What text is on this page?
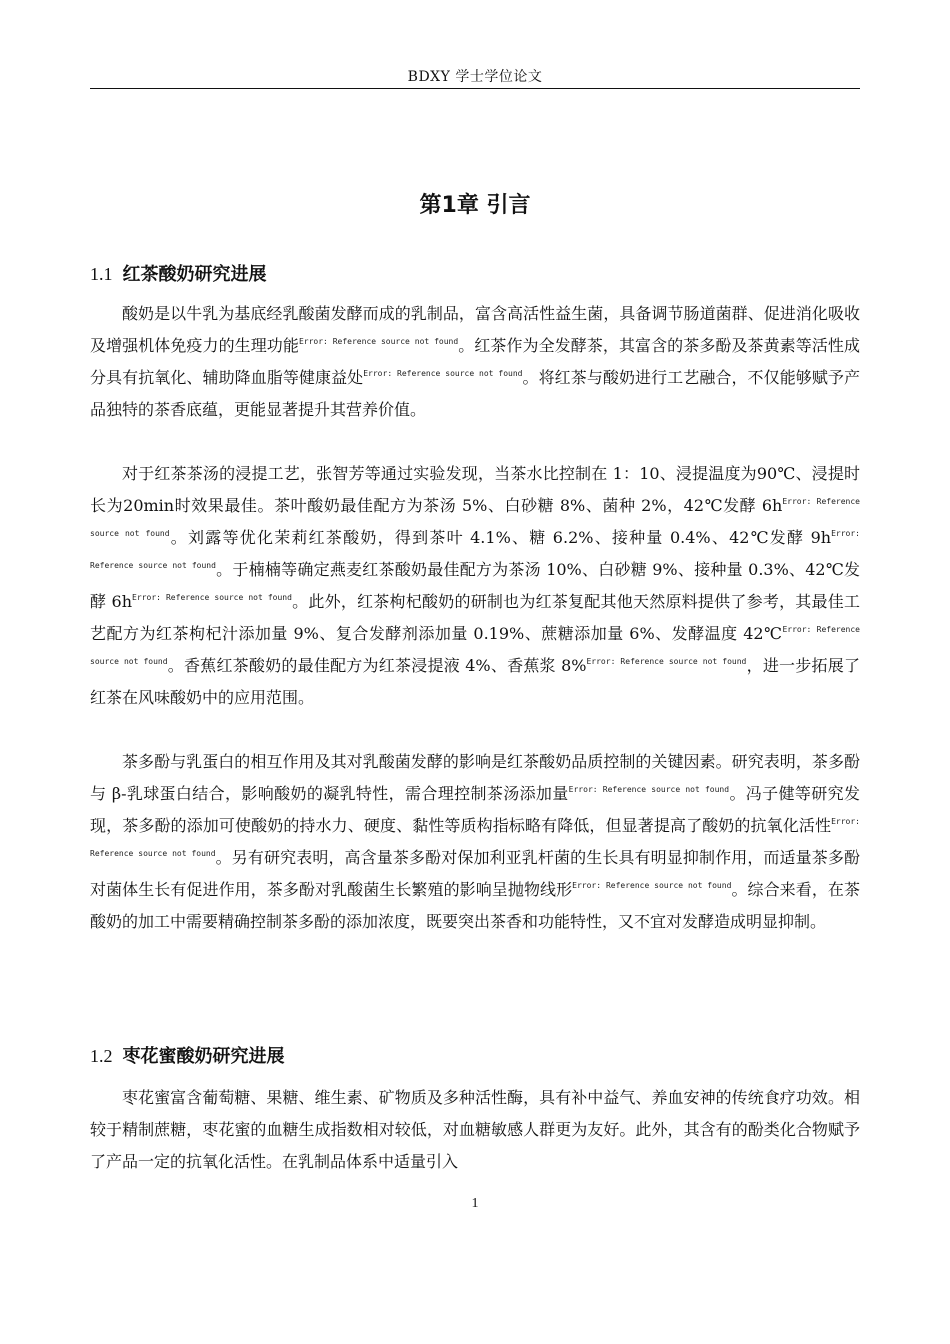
BDXY 学士学位论文
第1章 引言
1.1 红茶酸奶研究进展

酸奶是以牛乳为基底经乳酸菌发酵而成的乳制品，富含高活性益生菌，具备调节肠道菌群、促进消化吸收及增强机体免疫力的生理功能$^{Error: Reference source not found}$。红茶作为全发酵茶，其富含的茶多酚及茶黄素等活性成分具有抗氧化、辅助降血脂等健康益处$^{Error: Reference source not found}$。将红茶与酸奶进行工艺融合，不仅能够赋予产品独特的茶香底蕴，更能显著提升其营养价值。

对于红茶茶汤的浸提工艺，张智芳等通过实验发现，当茶水比控制在 1：10、浸提温度为90℃、浸提时长为20min时效果最佳。茶叶酸奶最佳配方为茶汤 5%、白砂糖 8%、菌种 2%，42℃发酵 $6h^{Error: Reference source not found}$。刘露等优化茉莉红茶酸奶，得到茶叶 4.1%、糖 6.2%、接种量 0.4%、42℃发酵 $9h^{Error: Reference source not found}$。于楠楠等确定燕麦红茶酸奶最佳配方为茶汤 10%、白砂糖 9%、接种量 0.3%、42℃发酵 $6h^{Error: Reference source not found}$。此外，红茶枸杞酸奶的研制也为红茶复配其他天然原料提供了参考，其最佳工艺配方为红茶枸杞汁添加量 9%、复合发酵剂添加量 0.19%、蔗糖添加量 6%、发酵温度 42℃$^{Error: Reference source not found}$。香蕉红茶酸奶的最佳配方为红茶浸提液 4%、香蕉浆 8%$^{Error: Reference source not found}$，进一步拓展了红茶在风味酸奶中的应用范围。

茶多酚与乳蛋白的相互作用及其对乳酸菌发酵的影响是红茶酸奶品质控制的关键因素。研究表明，茶多酚与 β-乳球蛋白结合，影响酸奶的凝乳特性，需合理控制茶汤添加量$^{Error: Reference source not found}$。冯子健等研究发现，茶多酚的添加可使酸奶的持水力、硬度、黏性等质构指标略有降低，但显著提高了酸奶的抗氧化活性$^{Error: Reference source not found}$。另有研究表明，高含量茶多酚对保加利亚乳杆菌的生长具有明显抑制作用，而适量茶多酚对菌体生长有促进作用，茶多酚对乳酸菌生长繁殖的影响呈抛物线形$^{Error: Reference source not found}$。综合来看，在茶酸奶的加工中需要精确控制茶多酚的添加浓度，既要突出茶香和功能特性，又不宜对发酵造成明显抑制。

1.2 枣花蜜酸奶研究进展

枣花蜜富含葡萄糖、果糖、维生素、矿物质及多种活性酶，具有补中益气、养血安神的传统食疗功效。相较于精制蔗糖，枣花蜜的血糖生成指数相对较低，对血糖敏感人群更为友好。此外，其含有的酚类化合物赋予了产品一定的抗氧化活性。在乳制品体系中适量引入

1
